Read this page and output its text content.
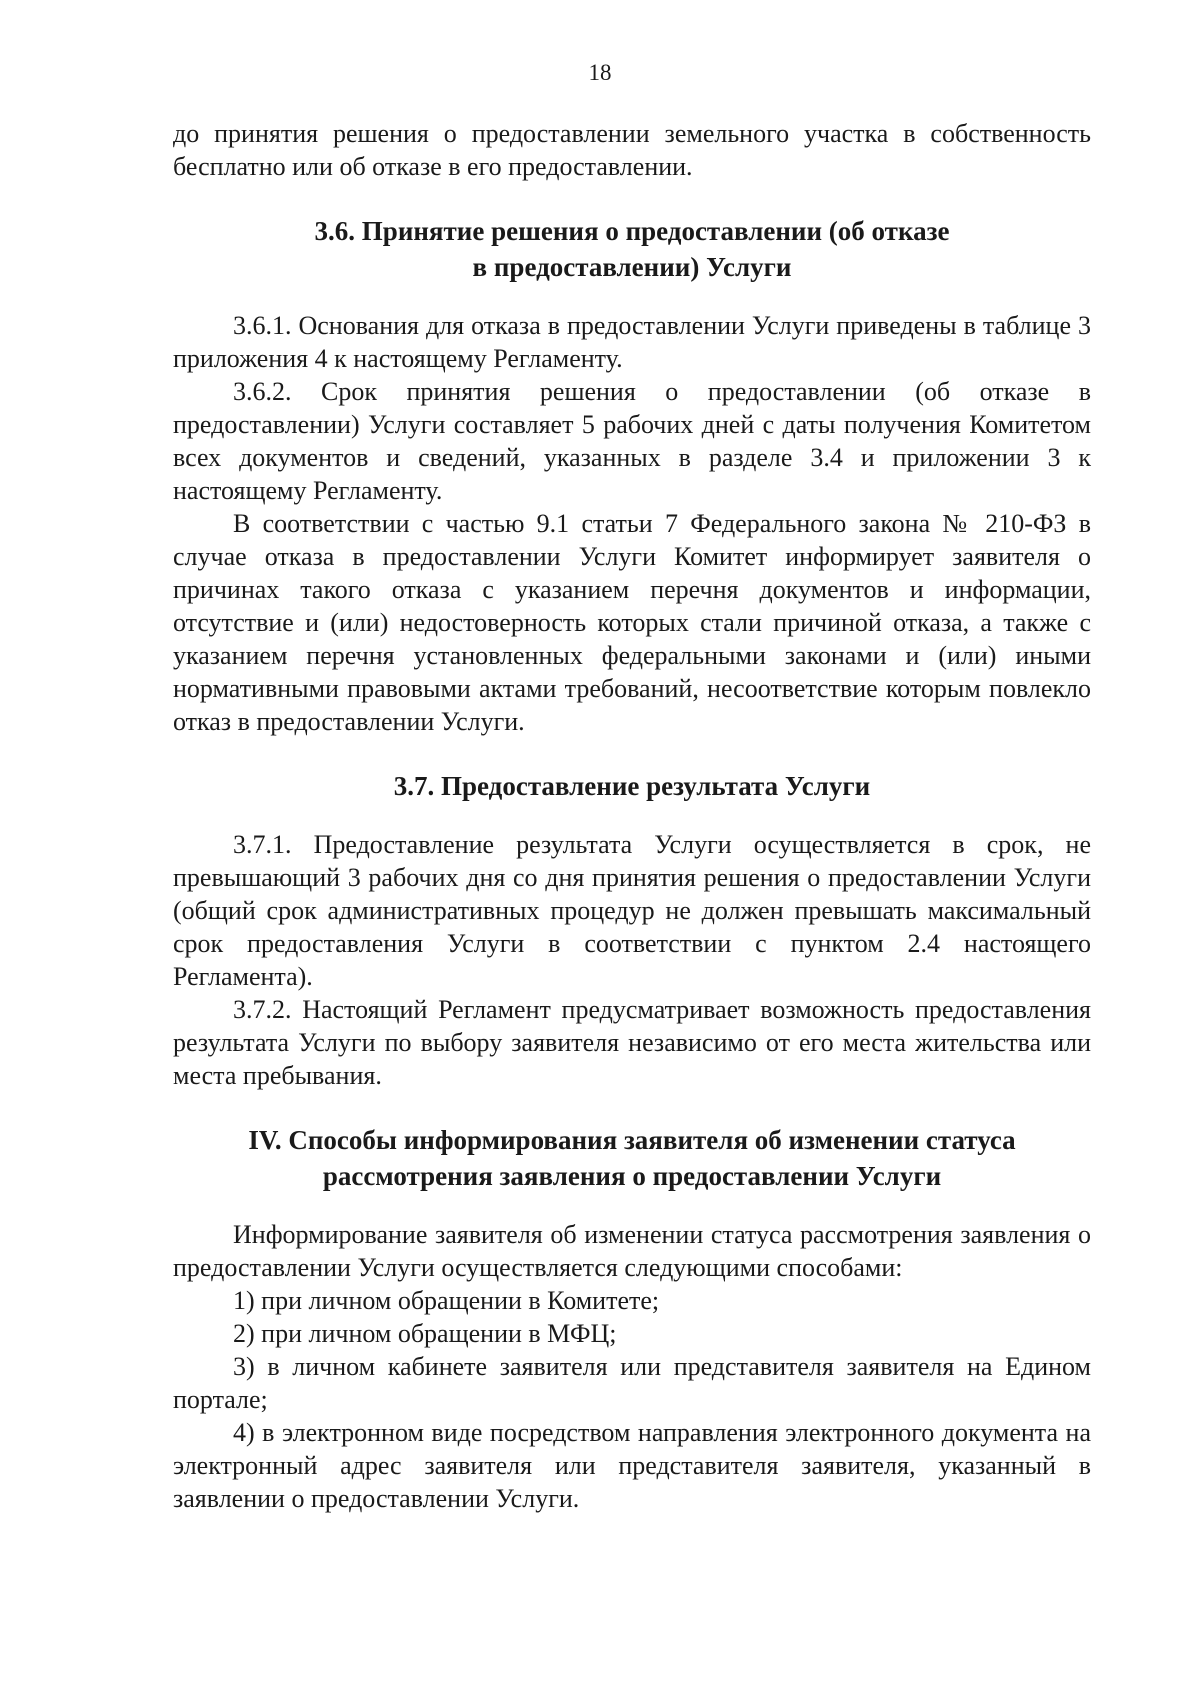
18

до принятия решения о предоставлении земельного участка в собственность бесплатно или об отказе в его предоставлении.

3.6. Принятие решения о предоставлении (об отказе
в предоставлении) Услуги

3.6.1. Основания для отказа в предоставлении Услуги приведены в таблице 3 приложения 4 к настоящему Регламенту.

3.6.2. Срок принятия решения о предоставлении (об отказе в предоставлении) Услуги составляет 5 рабочих дней с даты получения Комитетом всех документов и сведений, указанных в разделе 3.4 и приложении 3 к настоящему Регламенту.

В соответствии с частью 9.1 статьи 7 Федерального закона № 210-ФЗ в случае отказа в предоставлении Услуги Комитет информирует заявителя о причинах такого отказа с указанием перечня документов и информации, отсутствие и (или) недостоверность которых стали причиной отказа, а также с указанием перечня установленных федеральными законами и (или) иными нормативными правовыми актами требований, несоответствие которым повлекло отказ в предоставлении Услуги.

3.7. Предоставление результата Услуги

3.7.1. Предоставление результата Услуги осуществляется в срок, не превышающий 3 рабочих дня со дня принятия решения о предоставлении Услуги (общий срок административных процедур не должен превышать максимальный срок предоставления Услуги в соответствии с пунктом 2.4 настоящего Регламента).

3.7.2. Настоящий Регламент предусматривает возможность предоставления результата Услуги по выбору заявителя независимо от его места жительства или места пребывания.

IV. Способы информирования заявителя об изменении статуса
рассмотрения заявления о предоставлении Услуги

Информирование заявителя об изменении статуса рассмотрения заявления о предоставлении Услуги осуществляется следующими способами:

1) при личном обращении в Комитете;

2) при личном обращении в МФЦ;

3) в личном кабинете заявителя или представителя заявителя на Едином портале;

4) в электронном виде посредством направления электронного документа на электронный адрес заявителя или представителя заявителя, указанный в заявлении о предоставлении Услуги.
